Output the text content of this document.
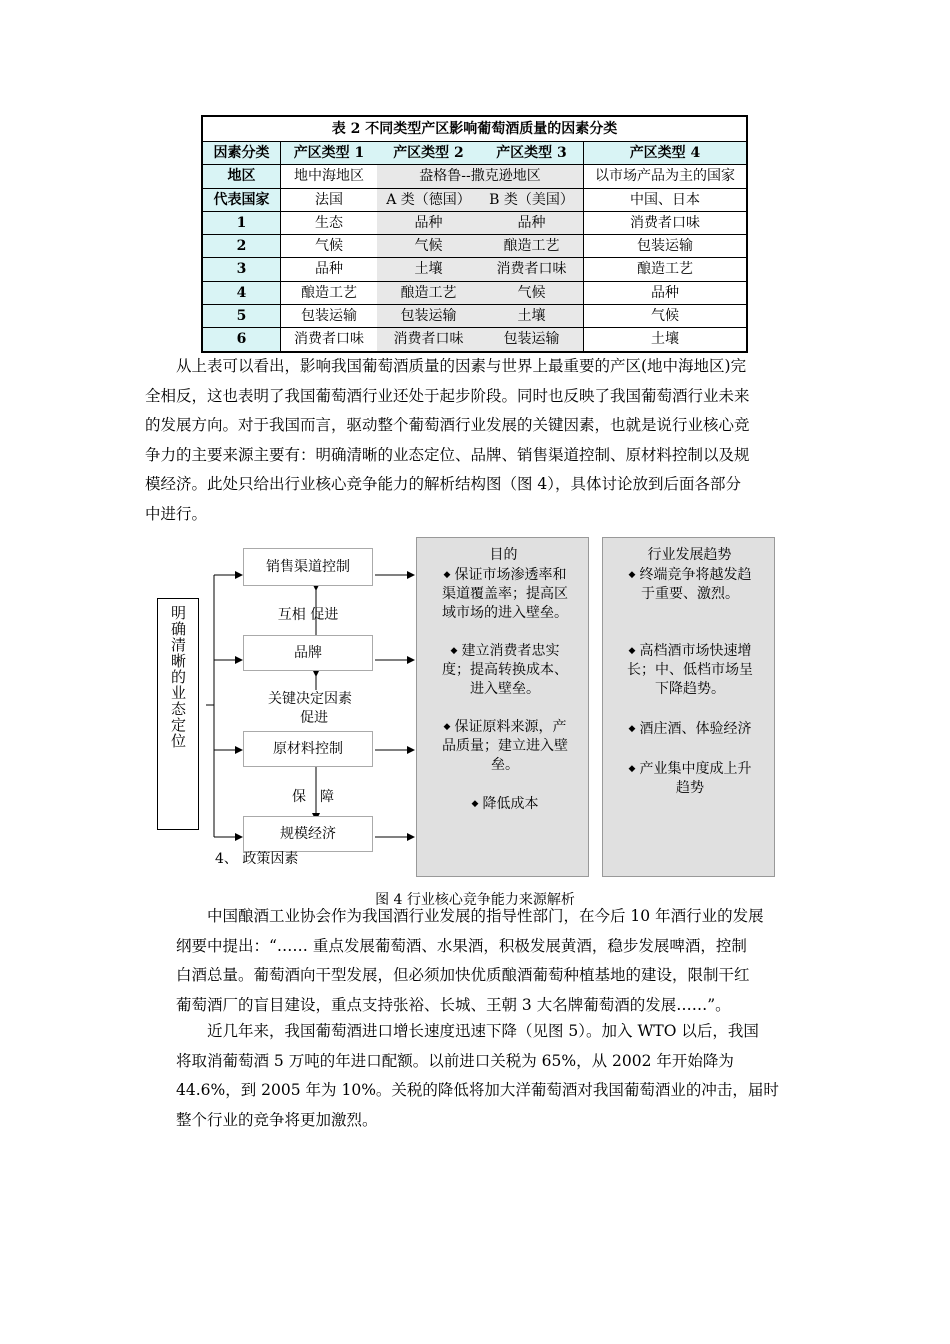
表 2 不同类型产区影响葡萄酒质量的因素分类
因素分类	产区类型 1	产区类型 2	产区类型 3	产区类型 4
地区	地中海地区	盎格鲁--撒克逊地区	以市场产品为主的国家
代表国家	法国	A 类（德国）	B 类（美国）	中国、日本
1	生态	品种	品种	消费者口味
2	气候	气候	酿造工艺	包装运输
3	品种	土壤	消费者口味	酿造工艺
4	酿造工艺	酿造工艺	气候	品种
5	包装运输	包装运输	土壤	气候
6	消费者口味	消费者口味	包装运输	土壤
从上表可以看出，影响我国葡萄酒质量的因素与世界上最重要的产区(地中海地区)完
全相反，这也表明了我国葡萄酒行业还处于起步阶段。同时也反映了我国葡萄酒行业未来
的发展方向。对于我国而言，驱动整个葡萄酒行业发展的关键因素，也就是说行业核心竞
争力的主要来源主要有：明确清晰的业态定位、品牌、销售渠道控制、原材料控制以及规
模经济。此处只给出行业核心竞争能力的解析结构图（图 4），具体讨论放到后面各部分
中进行。
明确清晰的业态定位
销售渠道控制
品牌
原材料控制
规模经济
互相 促进
关键决定因素
促进
保　障
4、 政策因素
目的
◆ 保证市场渗透率和
渠道覆盖率；提高区
域市场的进入壁垒。
◆ 建立消费者忠实
度；提高转换成本、
进入壁垒。
◆ 保证原料来源，产
品质量；建立进入壁
垒。
◆ 降低成本
行业发展趋势
◆ 终端竞争将越发趋
于重要、激烈。
◆ 高档酒市场快速增
长；中、低档市场呈
下降趋势。
◆ 酒庄酒、体验经济
◆ 产业集中度成上升
趋势
图 4 行业核心竞争能力来源解析
中国酿酒工业协会作为我国酒行业发展的指导性部门，在今后 10 年酒行业的发展
纲要中提出：“…… 重点发展葡萄酒、水果酒，积极发展黄酒，稳步发展啤酒，控制
白酒总量。葡萄酒向干型发展，但必须加快优质酿酒葡萄种植基地的建设，限制干红
葡萄酒厂的盲目建设，重点支持张裕、长城、王朝 3 大名牌葡萄酒的发展……”。
近几年来，我国葡萄酒进口增长速度迅速下降（见图 5）。加入 WTO 以后，我国
将取消葡萄酒 5 万吨的年进口配额。以前进口关税为 65%，从 2002 年开始降为
44.6%，到 2005 年为 10%。关税的降低将加大洋葡萄酒对我国葡萄酒业的冲击，届时
整个行业的竞争将更加激烈。
